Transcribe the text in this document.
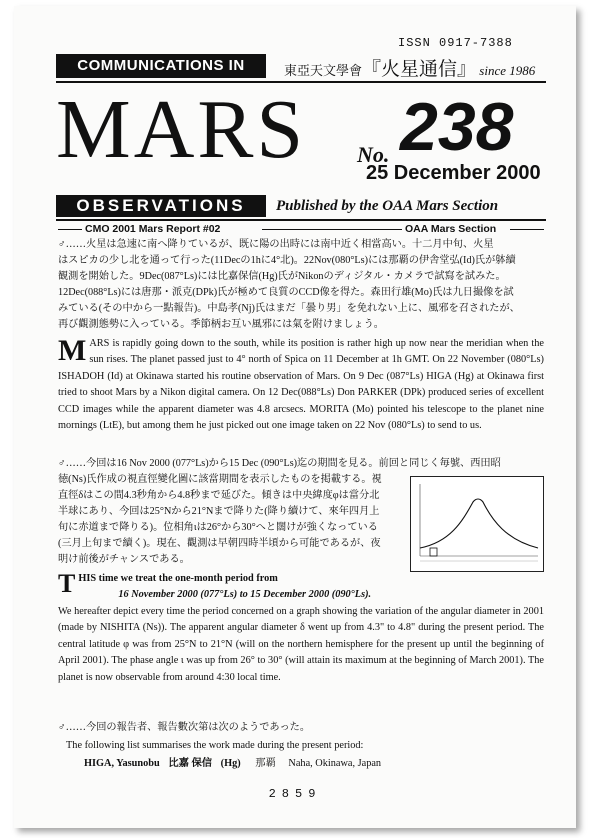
ISSN 0917-7388
COMMUNICATIONS IN	東亞天文學會『火星通信』 since 1986
MARS No. 238
25 December 2000
OBSERVATIONS	Published by the OAA Mars Section
CMO 2001 Mars Report #02	OAA Mars Section
♂‥‥‥火星は急速に南へ降りているが、既に陽の出時には南中近く相當高い。十二月中旬、火星
はスピカの少し北を通って行った(11Decの1hに4°北)。22Nov(080°Ls)には那覇の伊舎堂弘(Id)氏が躰續
観測を開始した。9Dec(087°Ls)には比嘉保信(Hg)氏がNikonのディジタル・カメラで試寫を試みた。
12Dec(088°Ls)には唐那・派克(DPk)氏が極めて良質のCCD像を得た。森田行雄(Mo)氏は九日撮像を試
みている(その中から一點報告)。中島孝(Nj)氏はまだ「曇り男」を免れない上に、風邪を召されたが、
再び觀測態勢に入っている。季節柄お互い風邪には氣を附けましょう。
MARS is rapidly going down to the south, while its position is rather high up now near the meridian when the sun rises. The planet passed just to 4° north of Spica on 11 December at 1h GMT. On 22 November (080°Ls) ISHADOH (Id) at Okinawa started his routine observation of Mars. On 9 Dec (087°Ls) HIGA (Hg) at Okinawa first tried to shoot Mars by a Nikon digital camera. On 12 Dec(088°Ls) Don PARKER (DPk) produced series of excellent CCD images while the apparent diameter was 4.8 arcsecs. MORITA (Mo) pointed his telescope to the planet nine mornings (LtE), but among them he just picked out one image taken on 22 Nov (080°Ls) to send to us.
♂‥‥‥今回は16 Nov 2000 (077°Ls)から15 Dec (090°Ls)迄の期間を見る。前回と同じく毎號、西田昭
徳(Ns)氏作成の視直徑變化圖に該當期間を表示したものを掲載する。視
直徑δはこの間4.3秒角から4.8秒まで延びた。傾きは中央緯度φは當分北
半球にあり、今回は25°Nから21°Nまで降りた(降り續けて、來年四月上
旬に赤道まで降りる)。位相角ιは26°から30°へと闊けが強くなっている
(三月上旬まで續く)。現在、觀測は早朝四時半頃から可能であるが、夜
明け前後がチャンスである。
THIS time we treat the one-month period from
16 November 2000 (077°Ls) to 15 December 2000 (090°Ls).
We hereafter depict every time the period concerned on a graph showing the variation of the angular diameter in 2001 (made by NISHITA (Ns)). The apparent angular diameter δ went up from 4.3" to 4.8" during the present period. The central latitude φ was from 25°N to 21°N (will on the northern hemisphere for the present up until the beginning of April 2001). The phase angle ι was up from 26° to 30° (will attain its maximum at the beginning of March 2001). The planet is now observable from around 4:30 local time.
♂‥‥‥今回の報告者、報告數次第は次のようであった。
The following list summarises the work made during the present period:
HIGA, Yasunobu 比嘉 保信 (Hg) 那覇 Naha, Okinawa, Japan
2859
